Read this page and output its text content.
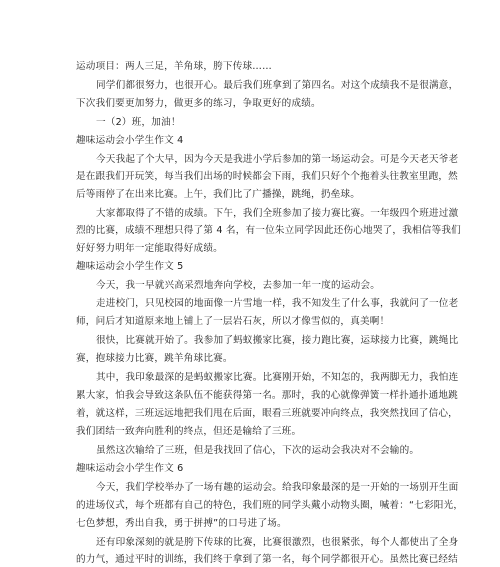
运动项目：两人三足，羊角球，胯下传球……
同学们都很努力，也很开心。最后我们班拿到了第四名。对这个成绩我不是很满意，
下次我们要更加努力，做更多的练习，争取更好的成绩。
一（2）班，加油！
趣味运动会小学生作文 4
今天我起了个大早，因为今天是我进小学后参加的第一场运动会。可是今天老天爷老
是在跟我们开玩笑，每当我们出场的时候都会下雨，我们只好个个拖着头往教室里跑，然
后等雨停了在出来比赛。上午，我们比了广播操，跳绳，扔垒球。
大家都取得了不错的成绩。下午，我们全班参加了接力赛比赛。一年级四个班进过激
烈的比赛，成绩不理想只得了第 4 名，有一位朱立同学因此还伤心地哭了，我相信等我们
好好努力明年一定能取得好成绩。
趣味运动会小学生作文 5
今天，我一早就兴高采烈地奔向学校，去参加一年一度的运动会。
走进校门，只见校园的地面像一片雪地一样，我不知发生了什么事，我就问了一位老
师，问后才知道原来地上铺上了一层岩石灰，所以才像雪似的，真美啊！
很快，比赛就开始了。我参加了蚂蚁搬家比赛，接力跑比赛，运球接力比赛，跳绳比
赛，抱球接力比赛，跳羊角球比赛。
其中，我印象最深的是蚂蚁搬家比赛。比赛刚开始，不知怎的，我两脚无力，我怕连
累大家，怕我会导致这条队伍不能获得第一名。那时，我的心就像弹簧一样扑通扑通地跳
着，就这样，三班远远地把我们甩在后面，眼看三班就要冲向终点，我突然找回了信心，
我们团结一致奔向胜利的终点，但还是输给了三班。
虽然这次输给了三班，但是我找回了信心，下次的运动会我决对不会输的。
趣味运动会小学生作文 6
今天，我们学校举办了一场有趣的运动会。给我印象最深的是一开始的一场别开生面
的进场仪式，每个班都有自己的特色，我们班的同学头戴小动物头圈，喊着：“七彩阳光，
七色梦想，秀出自我，勇于拼搏”的口号进了场。
还有印象深刻的就是胯下传球的比赛，比赛很激烈，也很紧张，每个人都使出了全身
的力气，通过平时的训练，我们终于拿到了第一名，每个同学都很开心。虽然比赛已经结
